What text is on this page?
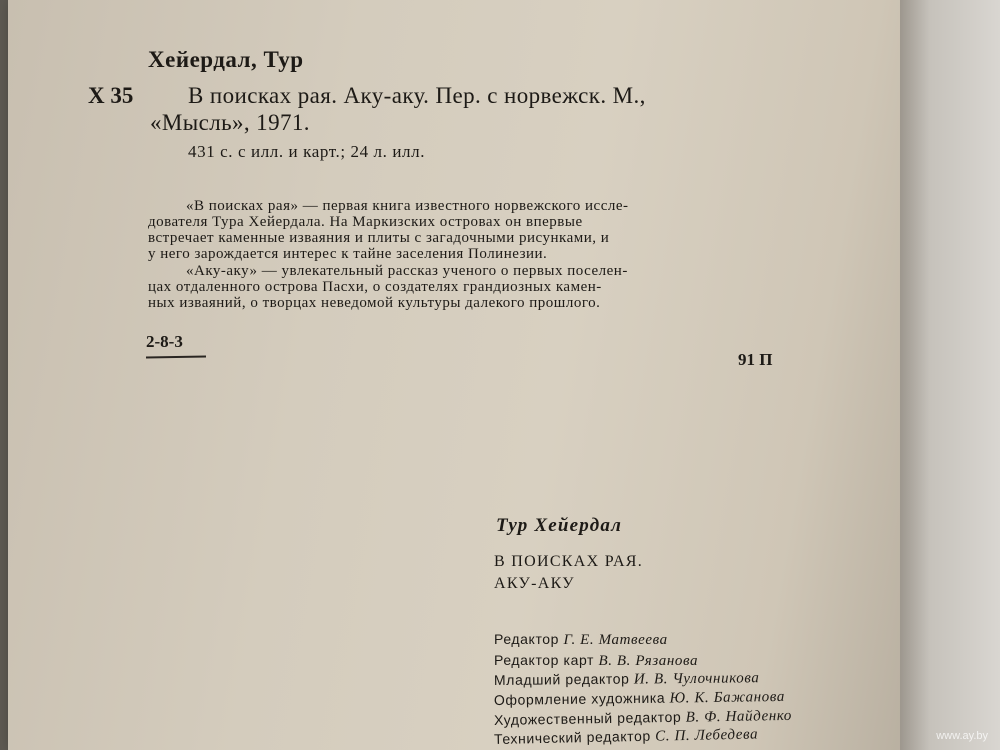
Хейердал, Тур
Х 35 В поисках рая. Аку-аку. Пер. с норвежск. М.,
«Мысль», 1971.
431 с. с илл. и карт.; 24 л. илл.
«В поисках рая» — первая книга известного норвежского иссле-
дователя Тура Хейердала. На Маркизских островах он впервые
встречает каменные изваяния и плиты с загадочными рисунками, и
у него зарождается интерес к тайне заселения Полинезии.
«Аку-аку» — увлекательный рассказ ученого о первых поселен-
цах отдаленного острова Пасхи, о создателях грандиозных камен-
ных изваяний, о творцах неведомой культуры далекого прошлого.
2-8-3
91 П
Тур Хейердал
В ПОИСКАХ РАЯ.
АКУ-АКУ
Редактор Г. Е. Матвеева
Редактор карт В. В. Рязанова
Младший редактор И. В. Чулочникова
Оформление художника Ю. К. Бажанова
Художественный редактор В. Ф. Найденко
Технический редактор С. П. Лебедева	www.ay.by
